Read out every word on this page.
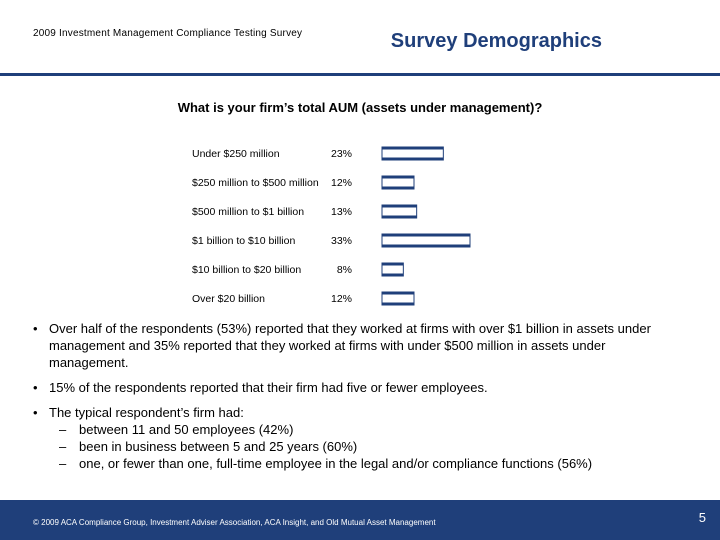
2009 Investment Management Compliance Testing Survey	Survey Demographics
What is your firm’s total AUM (assets under management)?
Under $250 million	23%
$250 million to $500 million 12%
$500 million to $1 billion	13%
$1 billion to $10 billion	33%
$10 billion to $20 billion	8%
Over $20 billion	12%
• Over half of the respondents (53%) reported that they worked at firms with over $1 billion in assets under management and 35% reported that they worked at firms with under $500 million in assets under management.
• 15% of the respondents reported that their firm had five or fewer employees.
• The typical respondent’s firm had:
– between 11 and 50 employees (42%)
– been in business between 5 and 25 years (60%)
– one, or fewer than one, full-time employee in the legal and/or compliance functions (56%)
© 2009 ACA Compliance Group, Investment Adviser Association, ACA Insight, and Old Mutual Asset Management	5
